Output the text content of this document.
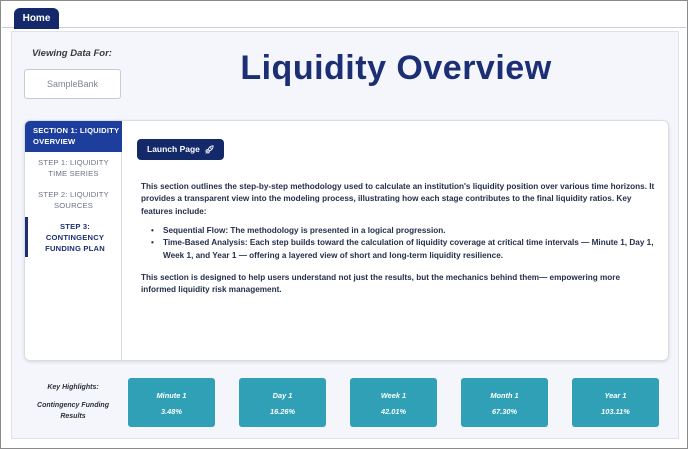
Home
Viewing Data For:
SampleBank	Liquidity Overview
SECTION 1: LIQUIDITY OVERVIEW
STEP 1: LIQUIDITY TIME SERIES
STEP 2: LIQUIDITY SOURCES
STEP 3: CONTINGENCY FUNDING PLAN
Launch Page

This section outlines the step-by-step methodology used to calculate an institution's liquidity position over various time horizons. It provides a transparent view into the modeling process, illustrating how each stage contributes to the final liquidity ratios. Key features include:

• Sequential Flow: The methodology is presented in a logical progression.
• Time-Based Analysis: Each step builds toward the calculation of liquidity coverage at critical time intervals — Minute 1, Day 1, Week 1, and Year 1 — offering a layered view of short and long-term liquidity resilience.

This section is designed to help users understand not just the results, but the mechanics behind them— empowering more informed liquidity risk management.

Key Highlights:
Contingency Funding Results
Minute 1
3.48%
Day 1
16.26%
Week 1
42.01%
Month 1
67.30%
Year 1
103.11%
